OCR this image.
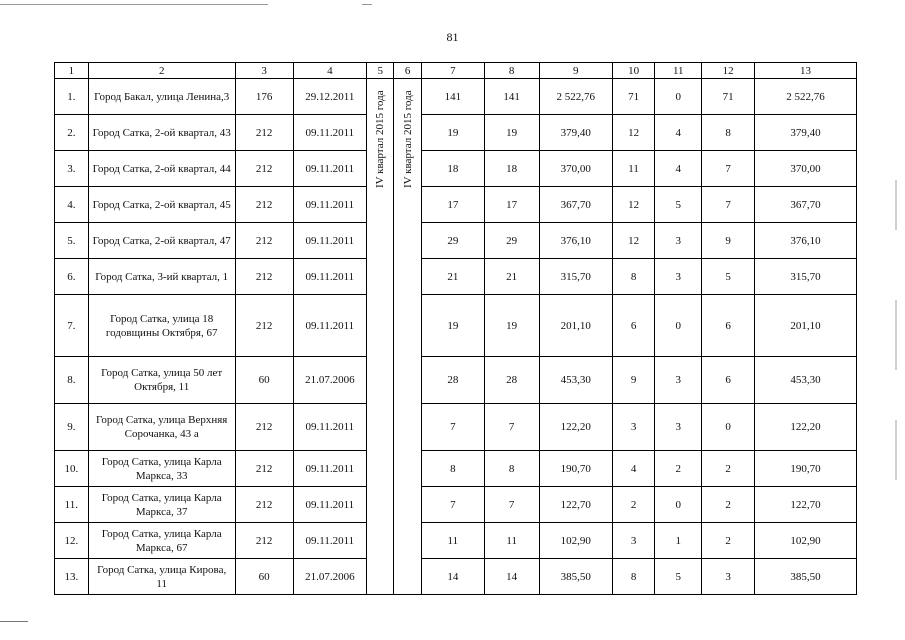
81
1	2	3	4	5	6	7	8	9	10	11	12	13
1.	Город Бакал, улица Ленина,3	176	29.12.2011	IV квартал 2015 года	IV квартал 2015 года	141	141	2 522,76	71	0	71	2 522,76
2.	Город Сатка, 2-ой квартал, 43	212	09.11.2011			19	19	379,40	12	4	8	379,40
3.	Город Сатка, 2-ой квартал, 44	212	09.11.2011			18	18	370,00	11	4	7	370,00
4.	Город Сатка, 2-ой квартал, 45	212	09.11.2011			17	17	367,70	12	5	7	367,70
5.	Город Сатка, 2-ой квартал, 47	212	09.11.2011			29	29	376,10	12	3	9	376,10
6.	Город Сатка, 3-ий квартал, 1	212	09.11.2011			21	21	315,70	8	3	5	315,70
7.	Город Сатка, улица 18 годовщины Октября, 67	212	09.11.2011			19	19	201,10	6	0	6	201,10
8.	Город Сатка, улица 50 лет Октября, 11	60	21.07.2006			28	28	453,30	9	3	6	453,30
9.	Город Сатка, улица Верхняя Сорочанка, 43 а	212	09.11.2011			7	7	122,20	3	3	0	122,20
10.	Город Сатка, улица Карла Маркса, 33	212	09.11.2011			8	8	190,70	4	2	2	190,70
11.	Город Сатка, улица Карла Маркса, 37	212	09.11.2011			7	7	122,70	2	0	2	122,70
12.	Город Сатка, улица Карла Маркса, 67	212	09.11.2011			11	11	102,90	3	1	2	102,90
13.	Город Сатка, улица Кирова, 11	60	21.07.2006			14	14	385,50	8	5	3	385,50
